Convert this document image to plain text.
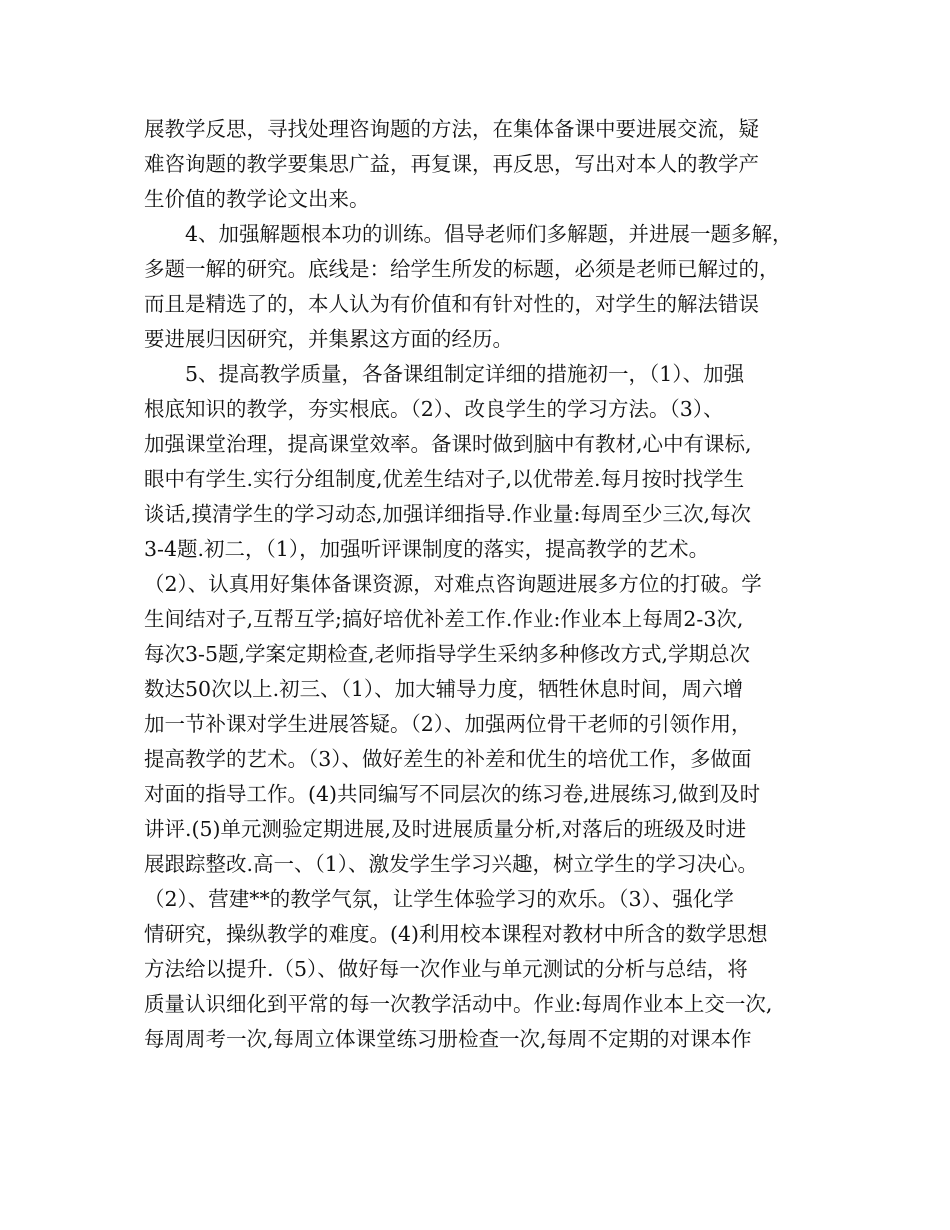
展教学反思，寻找处理咨询题的方法，在集体备课中要进展交流，疑
难咨询题的教学要集思广益，再复课，再反思，写出对本人的教学产
生价值的教学论文出来。
4、加强解题根本功的训练。倡导老师们多解题，并进展一题多解，
多题一解的研究。底线是：给学生所发的标题，必须是老师已解过的，
而且是精选了的，本人认为有价值和有针对性的，对学生的解法错误
要进展归因研究，并集累这方面的经历。
5、提高教学质量，各备课组制定详细的措施初一，（1）、加强
根底知识的教学，夯实根底。（2）、改良学生的学习方法。（3）、
加强课堂治理，提高课堂效率。备课时做到脑中有教材,心中有课标,
眼中有学生.实行分组制度,优差生结对子,以优带差.每月按时找学生
谈话,摸清学生的学习动态,加强详细指导.作业量:每周至少三次,每次
3-4题.初二，（1），加强听评课制度的落实，提高教学的艺术。
（2）、认真用好集体备课资源，对难点咨询题进展多方位的打破。学
生间结对子,互帮互学;搞好培优补差工作.作业:作业本上每周2-3次,
每次3-5题,学案定期检查,老师指导学生采纳多种修改方式,学期总次
数达50次以上.初三、（1）、加大辅导力度，牺牲休息时间，周六增
加一节补课对学生进展答疑。（2）、加强两位骨干老师的引领作用，
提高教学的艺术。（3）、做好差生的补差和优生的培优工作，多做面
对面的指导工作。(4)共同编写不同层次的练习卷,进展练习,做到及时
讲评.(5)单元测验定期进展,及时进展质量分析,对落后的班级及时进
展跟踪整改.高一、（1）、激发学生学习兴趣，树立学生的学习决心。
（2）、营建**的教学气氛，让学生体验学习的欢乐。（3）、强化学
情研究，操纵教学的难度。(4)利用校本课程对教材中所含的数学思想
方法给以提升.（5）、做好每一次作业与单元测试的分析与总结，将
质量认识细化到平常的每一次教学活动中。作业:每周作业本上交一次,
每周周考一次,每周立体课堂练习册检查一次,每周不定期的对课本作
